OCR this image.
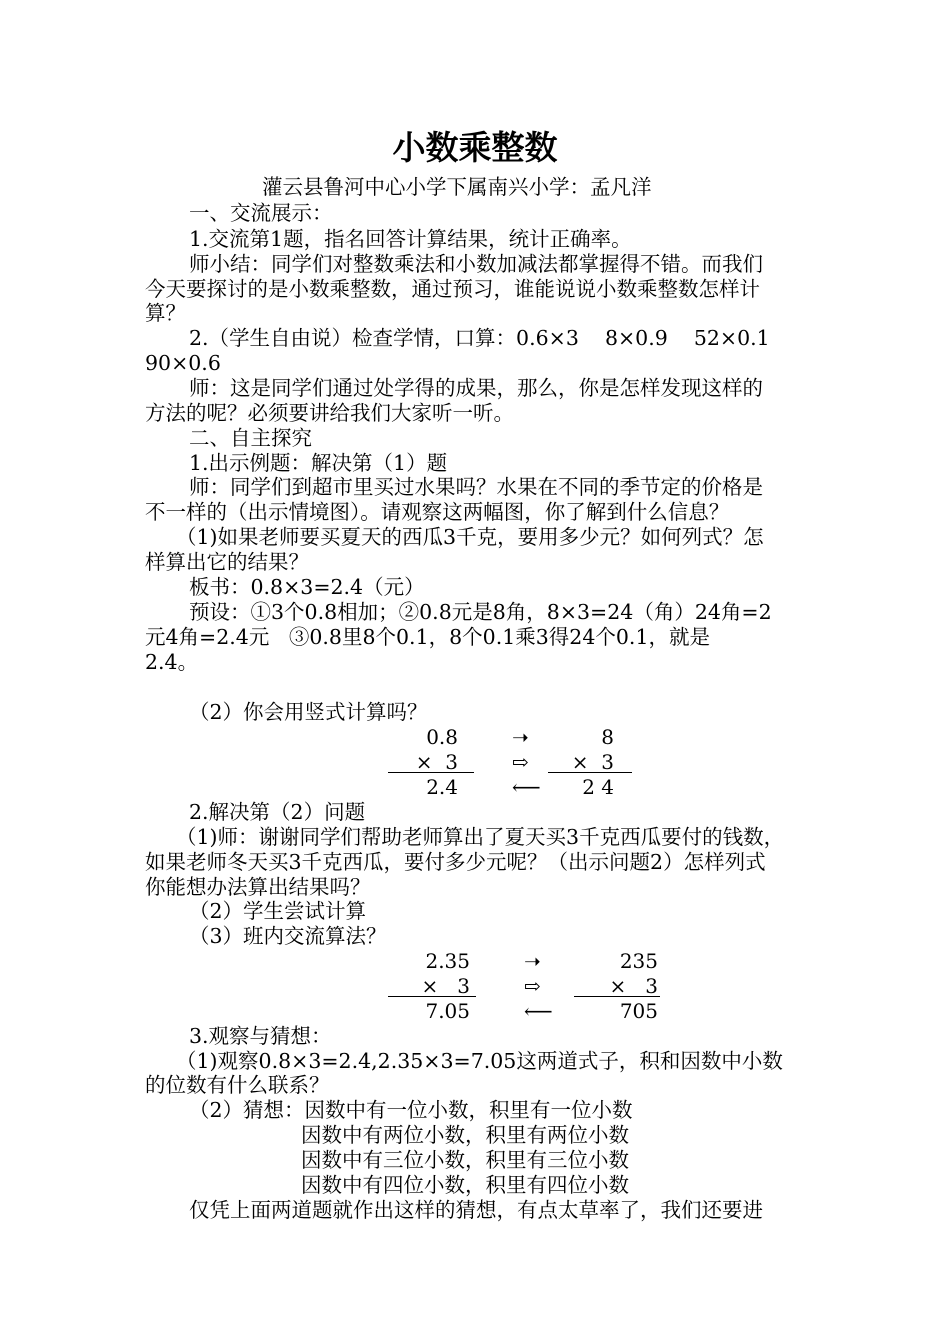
小数乘整数
灌云县鲁河中心小学下属南兴小学：孟凡洋
一、交流展示：
1.交流第1题，指名回答计算结果，统计正确率。
师小结：同学们对整数乘法和小数加减法都掌握得不错。而我们
今天要探讨的是小数乘整数，通过预习，谁能说说小数乘整数怎样计
算？
2.（学生自由说）检查学情，口算：0.6×3    8×0.9    52×0.1
90×0.6
师：这是同学们通过处学得的成果，那么，你是怎样发现这样的
方法的呢？必须要讲给我们大家听一听。
二、自主探究
1.出示例题：解决第（1）题
师：同学们到超市里买过水果吗？水果在不同的季节定的价格是
不一样的（出示情境图）。请观察这两幅图，你了解到什么信息？
（1)如果老师要买夏天的西瓜3千克，要用多少元？如何列式？怎
样算出它的结果？
板书：0.8×3=2.4（元）
预设：①3个0.8相加；②0.8元是8角，8×3=24（角）24角=2
元4角=2.4元   ③0.8里8个0.1，8个0.1乘3得24个0.1，就是
2.4。
（2）你会用竖式计算吗？
0.8
×  3
2.4
➝
⇨
⟵
8
×  3
2 4
2.解决第（2）问题
（1)师：谢谢同学们帮助老师算出了夏天买3千克西瓜要付的钱数，
如果老师冬天买3千克西瓜，要付多少元呢？（出示问题2）怎样列式
你能想办法算出结果吗？
（2）学生尝试计算
（3）班内交流算法？
2.35
×   3
7.05
➝
⇨
⟵
235
×   3
705
3.观察与猜想：
（1)观察0.8×3=2.4,2.35×3=7.05这两道式子，积和因数中小数
的位数有什么联系？
（2）猜想：因数中有一位小数，积里有一位小数
因数中有两位小数，积里有两位小数
因数中有三位小数，积里有三位小数
因数中有四位小数，积里有四位小数
仅凭上面两道题就作出这样的猜想，有点太草率了，我们还要进
